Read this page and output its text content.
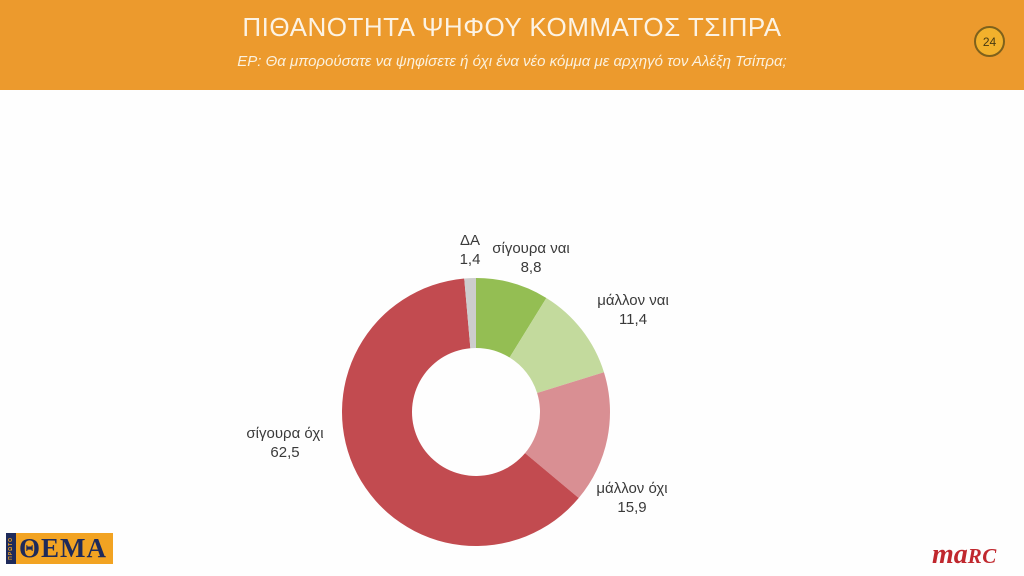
ΠΙΘΑΝΟΤΗΤΑ ΨΗΦΟΥ ΚΟΜΜΑΤΟΣ ΤΣΙΠΡΑ
ΕΡ: Θα μπορούσατε να ψηφίσετε ή όχι ένα νέο κόμμα με αρχηγό τον Αλέξη Τσίπρα;
24
ΔΑ
1,4
σίγουρα ναι
8,8
μάλλον ναι
11,4
μάλλον όχι
15,9
σίγουρα όχι
62,5
ΠΡΩΤΟ ΘΕΜΑ	maRC
